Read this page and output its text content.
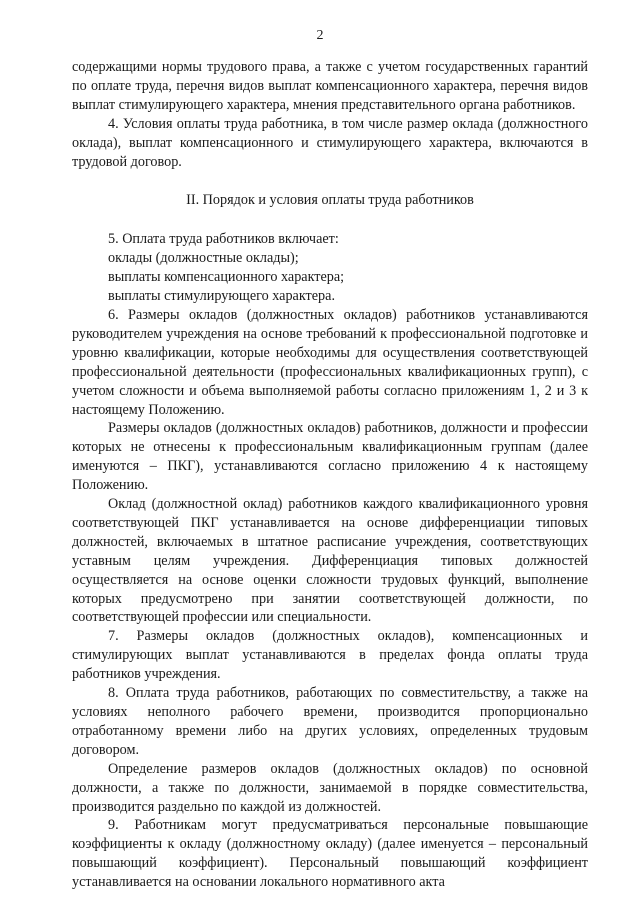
2

содержащими нормы трудового права, а также с учетом государственных гарантий по оплате труда, перечня видов выплат компенсационного характера, перечня видов выплат стимулирующего характера, мнения представительного органа работников.

4. Условия оплаты труда работника, в том числе размер оклада (должностного оклада), выплат компенсационного и стимулирующего характера, включаются в трудовой договор.

II. Порядок и условия оплаты труда работников

5. Оплата труда работников включает:

оклады (должностные оклады);

выплаты компенсационного характера;

выплаты стимулирующего характера.

6. Размеры окладов (должностных окладов) работников устанавливаются руководителем учреждения на основе требований к профессиональной подготовке и уровню квалификации, которые необходимы для осуществления соответствующей профессиональной деятельности (профессиональных квалификационных групп), с учетом сложности и объема выполняемой работы согласно приложениям 1, 2 и 3 к настоящему Положению.

Размеры окладов (должностных окладов) работников, должности и профессии которых не отнесены к профессиональным квалификационным группам (далее именуются – ПКГ), устанавливаются согласно приложению 4 к настоящему Положению.

Оклад (должностной оклад) работников каждого квалификационного уровня соответствующей ПКГ устанавливается на основе дифференциации типовых должностей, включаемых в штатное расписание учреждения, соответствующих уставным целям учреждения. Дифференциация типовых должностей осуществляется на основе оценки сложности трудовых функций, выполнение которых предусмотрено при занятии соответствующей должности, по соответствующей профессии или специальности.

7. Размеры окладов (должностных окладов), компенсационных и стимулирующих выплат устанавливаются в пределах фонда оплаты труда работников учреждения.

8. Оплата труда работников, работающих по совместительству, а также на условиях неполного рабочего времени, производится пропорционально отработанному времени либо на других условиях, определенных трудовым договором.

Определение размеров окладов (должностных окладов) по основной должности, а также по должности, занимаемой в порядке совместительства, производится раздельно по каждой из должностей.

9. Работникам могут предусматриваться персональные повышающие коэффициенты к окладу (должностному окладу) (далее именуется – персональный повышающий коэффициент). Персональный повышающий коэффициент устанавливается на основании локального нормативного акта
